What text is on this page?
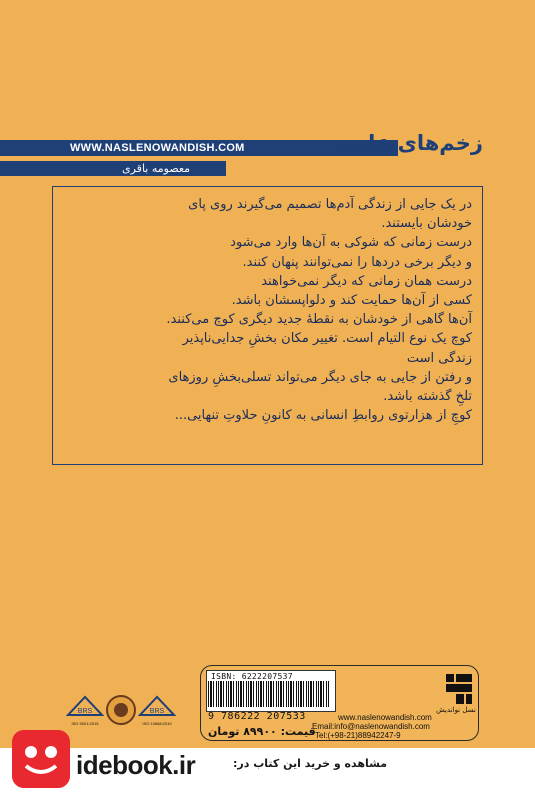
WWW.NASLENOWANDISH.COM	زخم‌های عادی
معصومه باقری

در یک جایی از زندگی آدم‌ها تصمیم می‌گیرند روی پای

خودشان بایستند.

درست زمانی که شوکی به آن‌ها وارد می‌شود

و دیگر برخی دردها را نمی‌توانند پنهان کنند.

درست همان زمانی که دیگر نمی‌خواهند

کسی از آن‌ها حمایت کند و دلواپسشان باشد.

آن‌ها گاهی از خودشان به نقطهٔ جدید دیگری کوچ می‌کنند.

کوچ یک نوع التیام است. تغییر مکان بخشِ جدایی‌ناپذیر

زندگی است

و رفتن از جایی به جای دیگر می‌تواند تسلی‌بخشِ روزهای

تلخِ گذشته باشد.

کوچِ از هزارتوی روابطِ انسانی به کانونِ حلاوتِ تنهایی...

ISBN: 6222207537
9 786222 207533
نسل نواندیش
www.naslenowandish.com
Email:info@naslenowandish.com
Tel:(+98-21)88942247-9
قیمت: ۸۹۹۰۰ تومان
BRS
ISO 9001:2015
BRS
ISO 10668:2010
مشاهده و خرید این کتاب در:
idebook.ir
